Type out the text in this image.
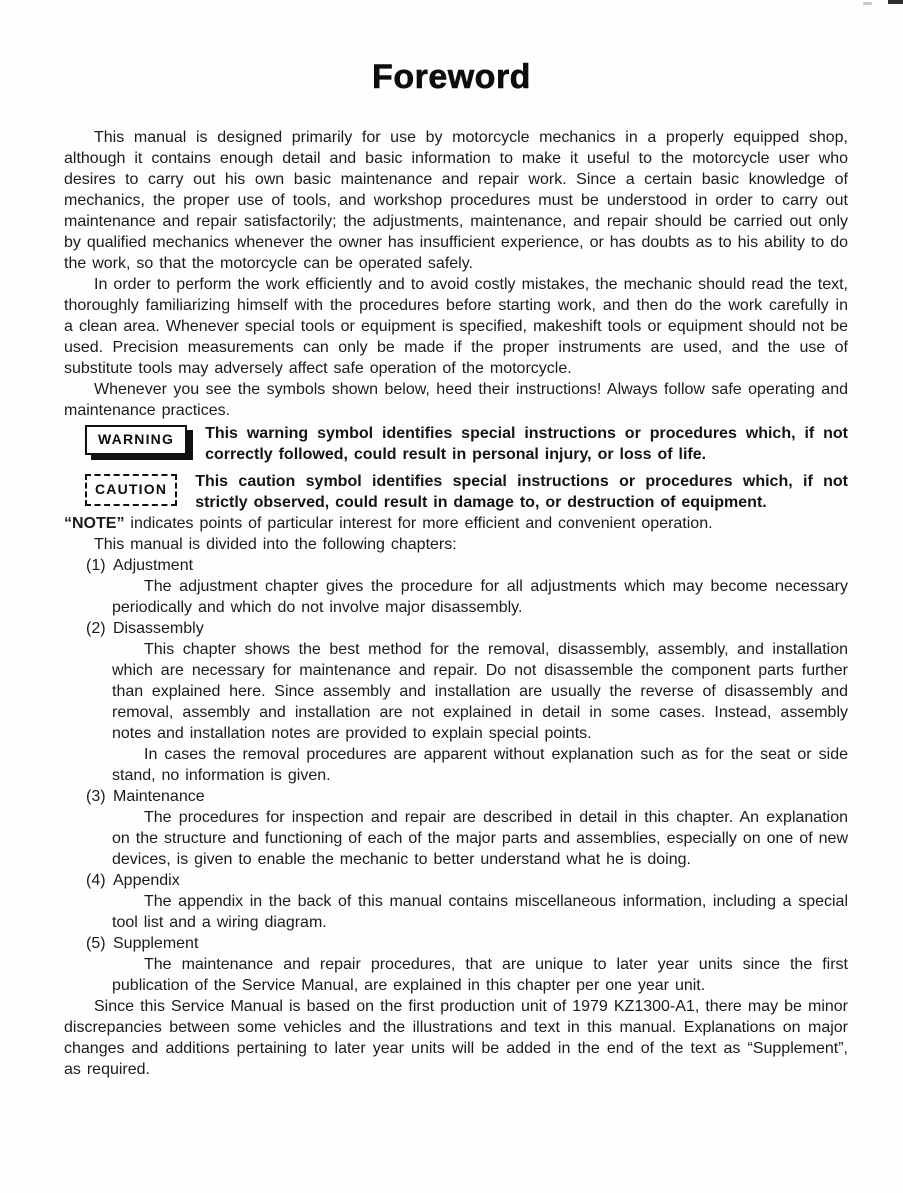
Foreword

This manual is designed primarily for use by motorcycle mechanics in a properly equipped shop, although it contains enough detail and basic information to make it useful to the motorcycle user who desires to carry out his own basic maintenance and repair work. Since a certain basic knowledge of mechanics, the proper use of tools, and workshop procedures must be understood in order to carry out maintenance and repair satisfactorily; the adjustments, maintenance, and repair should be carried out only by qualified mechanics whenever the owner has insufficient experience, or has doubts as to his ability to do the work, so that the motorcycle can be operated safely.

In order to perform the work efficiently and to avoid costly mistakes, the mechanic should read the text, thoroughly familiarizing himself with the procedures before starting work, and then do the work carefully in a clean area. Whenever special tools or equipment is specified, makeshift tools or equipment should not be used. Precision measurements can only be made if the proper instruments are used, and the use of substitute tools may adversely affect safe operation of the motorcycle.

Whenever you see the symbols shown below, heed their instructions! Always follow safe operating and maintenance practices.

WARNING	This warning symbol identifies special instructions or procedures which, if not correctly followed, could result in personal injury, or loss of life.

CAUTION	This caution symbol identifies special instructions or procedures which, if not strictly observed, could result in damage to, or destruction of equipment.

“NOTE” indicates points of particular interest for more efficient and convenient operation.

This manual is divided into the following chapters:

(1) Adjustment

The adjustment chapter gives the procedure for all adjustments which may become necessary periodically and which do not involve major disassembly.

(2) Disassembly

This chapter shows the best method for the removal, disassembly, assembly, and installation which are necessary for maintenance and repair. Do not disassemble the component parts further than explained here. Since assembly and installation are usually the reverse of disassembly and removal, assembly and installation are not explained in detail in some cases. Instead, assembly notes and installation notes are provided to explain special points.

In cases the removal procedures are apparent without explanation such as for the seat or side stand, no information is given.

(3) Maintenance

The procedures for inspection and repair are described in detail in this chapter. An explanation on the structure and functioning of each of the major parts and assemblies, especially on one of new devices, is given to enable the mechanic to better understand what he is doing.

(4) Appendix

The appendix in the back of this manual contains miscellaneous information, including a special tool list and a wiring diagram.

(5) Supplement

The maintenance and repair procedures, that are unique to later year units since the first publication of the Service Manual, are explained in this chapter per one year unit.

Since this Service Manual is based on the first production unit of 1979 KZ1300-A1, there may be minor discrepancies between some vehicles and the illustrations and text in this manual. Explanations on major changes and additions pertaining to later year units will be added in the end of the text as “Supplement”, as required.
